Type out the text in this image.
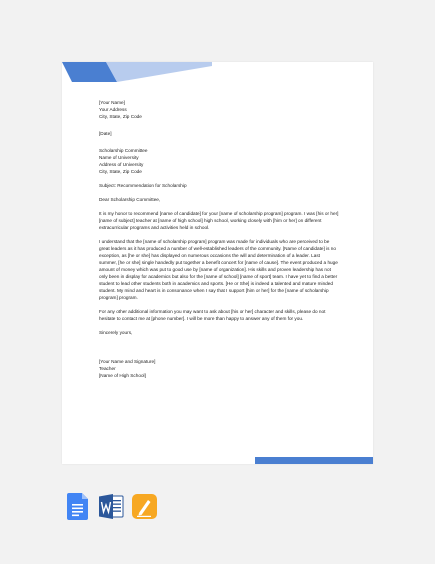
[Your Name]
Your Address
City, State, Zip Code
[Date]
Scholarship Committee
Name of University
Address of University
City, State, Zip Code
Subject: Recommendation for Scholarship
Dear Scholarship Committee,

It is my honor to recommend [name of candidate] for your [name of scholarship program] program. I was [his or her] [name of subject] teacher at [name of high school] high school, working closely with [him or her] on different extracurricular programs and activities held in school.

I understand that the [name of scholarship program] program was made for individuals who are perceived to be great leaders as it has produced a number of well-established leaders of the community. [Name of candidate] is no exception, as [he or she] has displayed on numerous occasions the will and determination of a leader. Last summer, [he or she] single handedly put together a benefit concert for [name of cause]. The event produced a huge amount of money which was put to good use by [name of organization]. His skills and proven leadership has not only been in display for academics but also for the [name of school] [name of sport] team. I have yet to find a better student to lead other students both in academics and sports. [He or She] is indeed a talented and mature minded student. My mind and heart is in consonance when I say that I support [him or her] for the [name of scholarship program] program.

For any other additional information you may want to ask about [his or her] character and skills, please do not hesitate to contact me at [phone number]. I will be more than happy to answer any of them for you.

Sincerely yours,
[Your Name and Signature]
Teacher
[Name of High School]
